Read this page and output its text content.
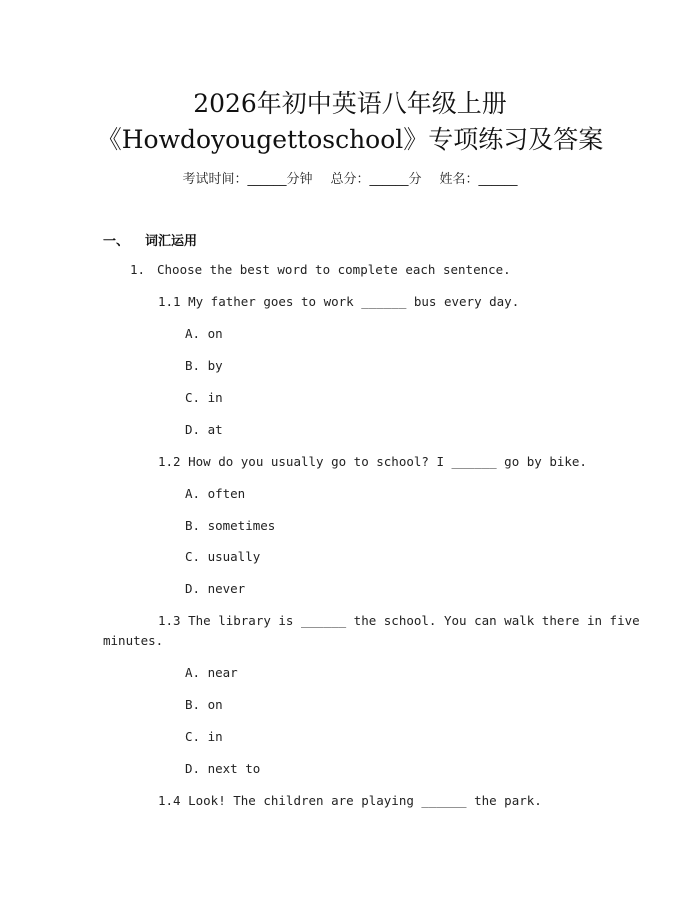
2026年初中英语八年级上册
《Howdoyougettoschool》专项练习及答案
考试时间：______分钟 总分：______分 姓名：______
一、 词汇运用
1. Choose the best word to complete each sentence.
1.1 My father goes to work ______ bus every day.
A. on
B. by
C. in
D. at
1.2 How do you usually go to school? I ______ go by bike.
A. often
B. sometimes
C. usually
D. never
1.3 The library is ______ the school. You can walk there in five
minutes.
A. near
B. on
C. in
D. next to
1.4 Look! The children are playing ______ the park.
